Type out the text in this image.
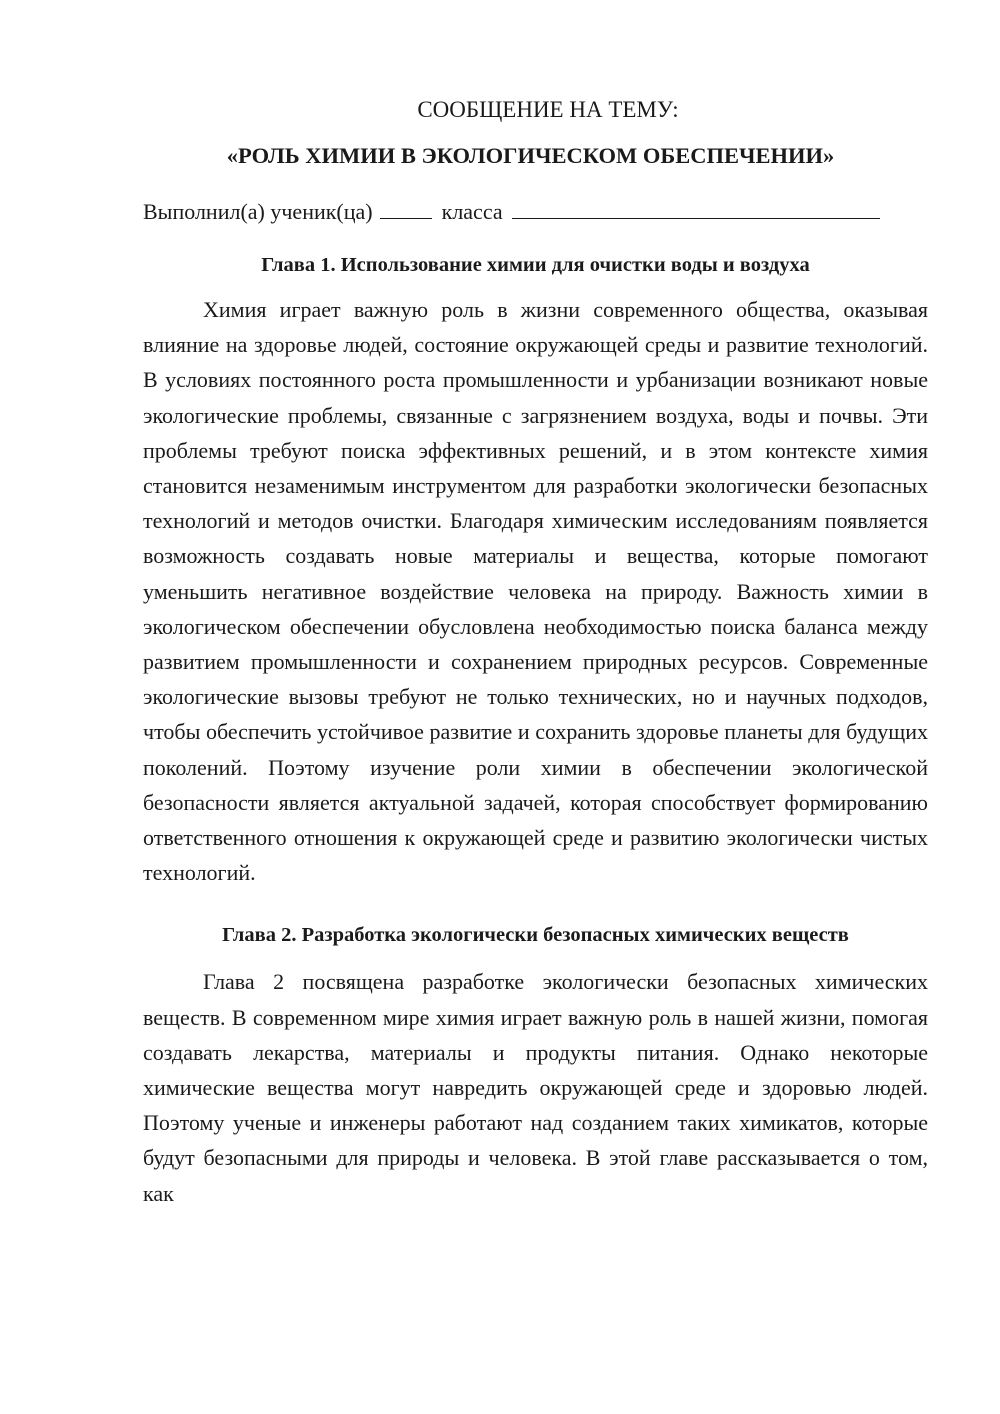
СООБЩЕНИЕ НА ТЕМУ:

«РОЛЬ ХИМИИ В ЭКОЛОГИЧЕСКОМ ОБЕСПЕЧЕНИИ»

Выполнил(а) ученик(ца)	класса

Глава 1. Использование химии для очистки воды и воздуха

Химия играет важную роль в жизни современного общества, оказывая влияние на здоровье людей, состояние окружающей среды и развитие технологий. В условиях постоянного роста промышленности и урбанизации возникают новые экологические проблемы, связанные с загрязнением воздуха, воды и почвы. Эти проблемы требуют поиска эффективных решений, и в этом контексте химия становится незаменимым инструментом для разработки экологически безопасных технологий и методов очистки. Благодаря химическим исследованиям появляется возможность создавать новые материалы и вещества, которые помогают уменьшить негативное воздействие человека на природу. Важность химии в экологическом обеспечении обусловлена необходимостью поиска баланса между развитием промышленности и сохранением природных ресурсов. Современные экологические вызовы требуют не только технических, но и научных подходов, чтобы обеспечить устойчивое развитие и сохранить здоровье планеты для будущих поколений. Поэтому изучение роли химии в обеспечении экологической безопасности является актуальной задачей, которая способствует формированию ответственного отношения к окружающей среде и развитию экологически чистых технологий.

Глава 2. Разработка экологически безопасных химических веществ

Глава 2 посвящена разработке экологически безопасных химических веществ. В современном мире химия играет важную роль в нашей жизни, помогая создавать лекарства, материалы и продукты питания. Однако некоторые химические вещества могут навредить окружающей среде и здоровью людей. Поэтому ученые и инженеры работают над созданием таких химикатов, которые будут безопасными для природы и человека. В этой главе рассказывается о том, как
